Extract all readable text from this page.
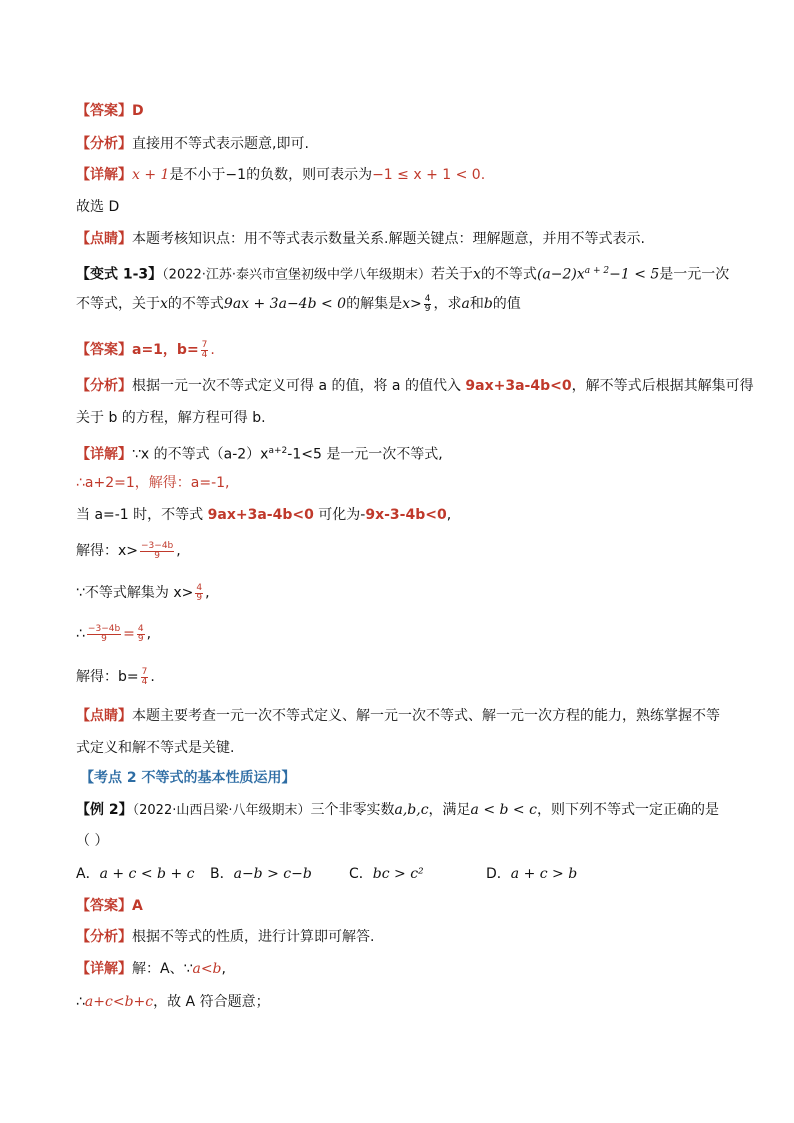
【答案】D
【分析】直接用不等式表示题意,即可.
【详解】x + 1是不小于−1的负数，则可表示为−1 ≤ x + 1 < 0.
故选 D
【点睛】本题考核知识点：用不等式表示数量关系.解题关键点：理解题意，并用不等式表示.
【变式 1-3】（2022·江苏·泰兴市宣堡初级中学八年级期末）若关于x的不等式$(a-2)x^{a + 2}-1 < 5$是一元一次
不等式，关于x的不等式9ax + 3a−4b < 0的解集是$x> \frac{4}{9}$ ，求a和b的值
【答案】a=1，$b= \frac{7}{4}$ .
【分析】根据一元一次不等式定义可得 a 的值，将 a 的值代入 9ax+3a-4b<0，解不等式后根据其解集可得
关于 b 的方程，解方程可得 b.
【详解】∵x 的不等式$(a-2)x^{a+2}-1<5$ 是一元一次不等式,
∴a+2=1，解得：a=-1,
当 a=-1 时，不等式 9ax+3a-4b<0 可化为-9x-3-4b<0,
解得：$x> \frac{-3-4b}{9}$ ,
∵不等式解集为 $x> \frac{4}{9}$ ,
∴ $\frac{-3-4b}{9} = \frac{4}{9}$ ,
解得：$b= \frac{7}{4}$ .
【点睛】本题主要考查一元一次不等式定义、解一元一次不等式、解一元一次方程的能力，熟练掌握不等
式定义和解不等式是关键.
【考点 2 不等式的基本性质运用】
【例 2】（2022·山西吕梁·八年级期末）三个非零实数a,b,c，满足a < b < c，则下列不等式一定正确的是
（ ）
A．a + c < b + c B．a−b > c−b	C．bc > c²	D．a + c > b
【答案】A
【分析】根据不等式的性质，进行计算即可解答.
【详解】解：A、∵a<b,
∴a+c<b+c，故 A 符合题意；
